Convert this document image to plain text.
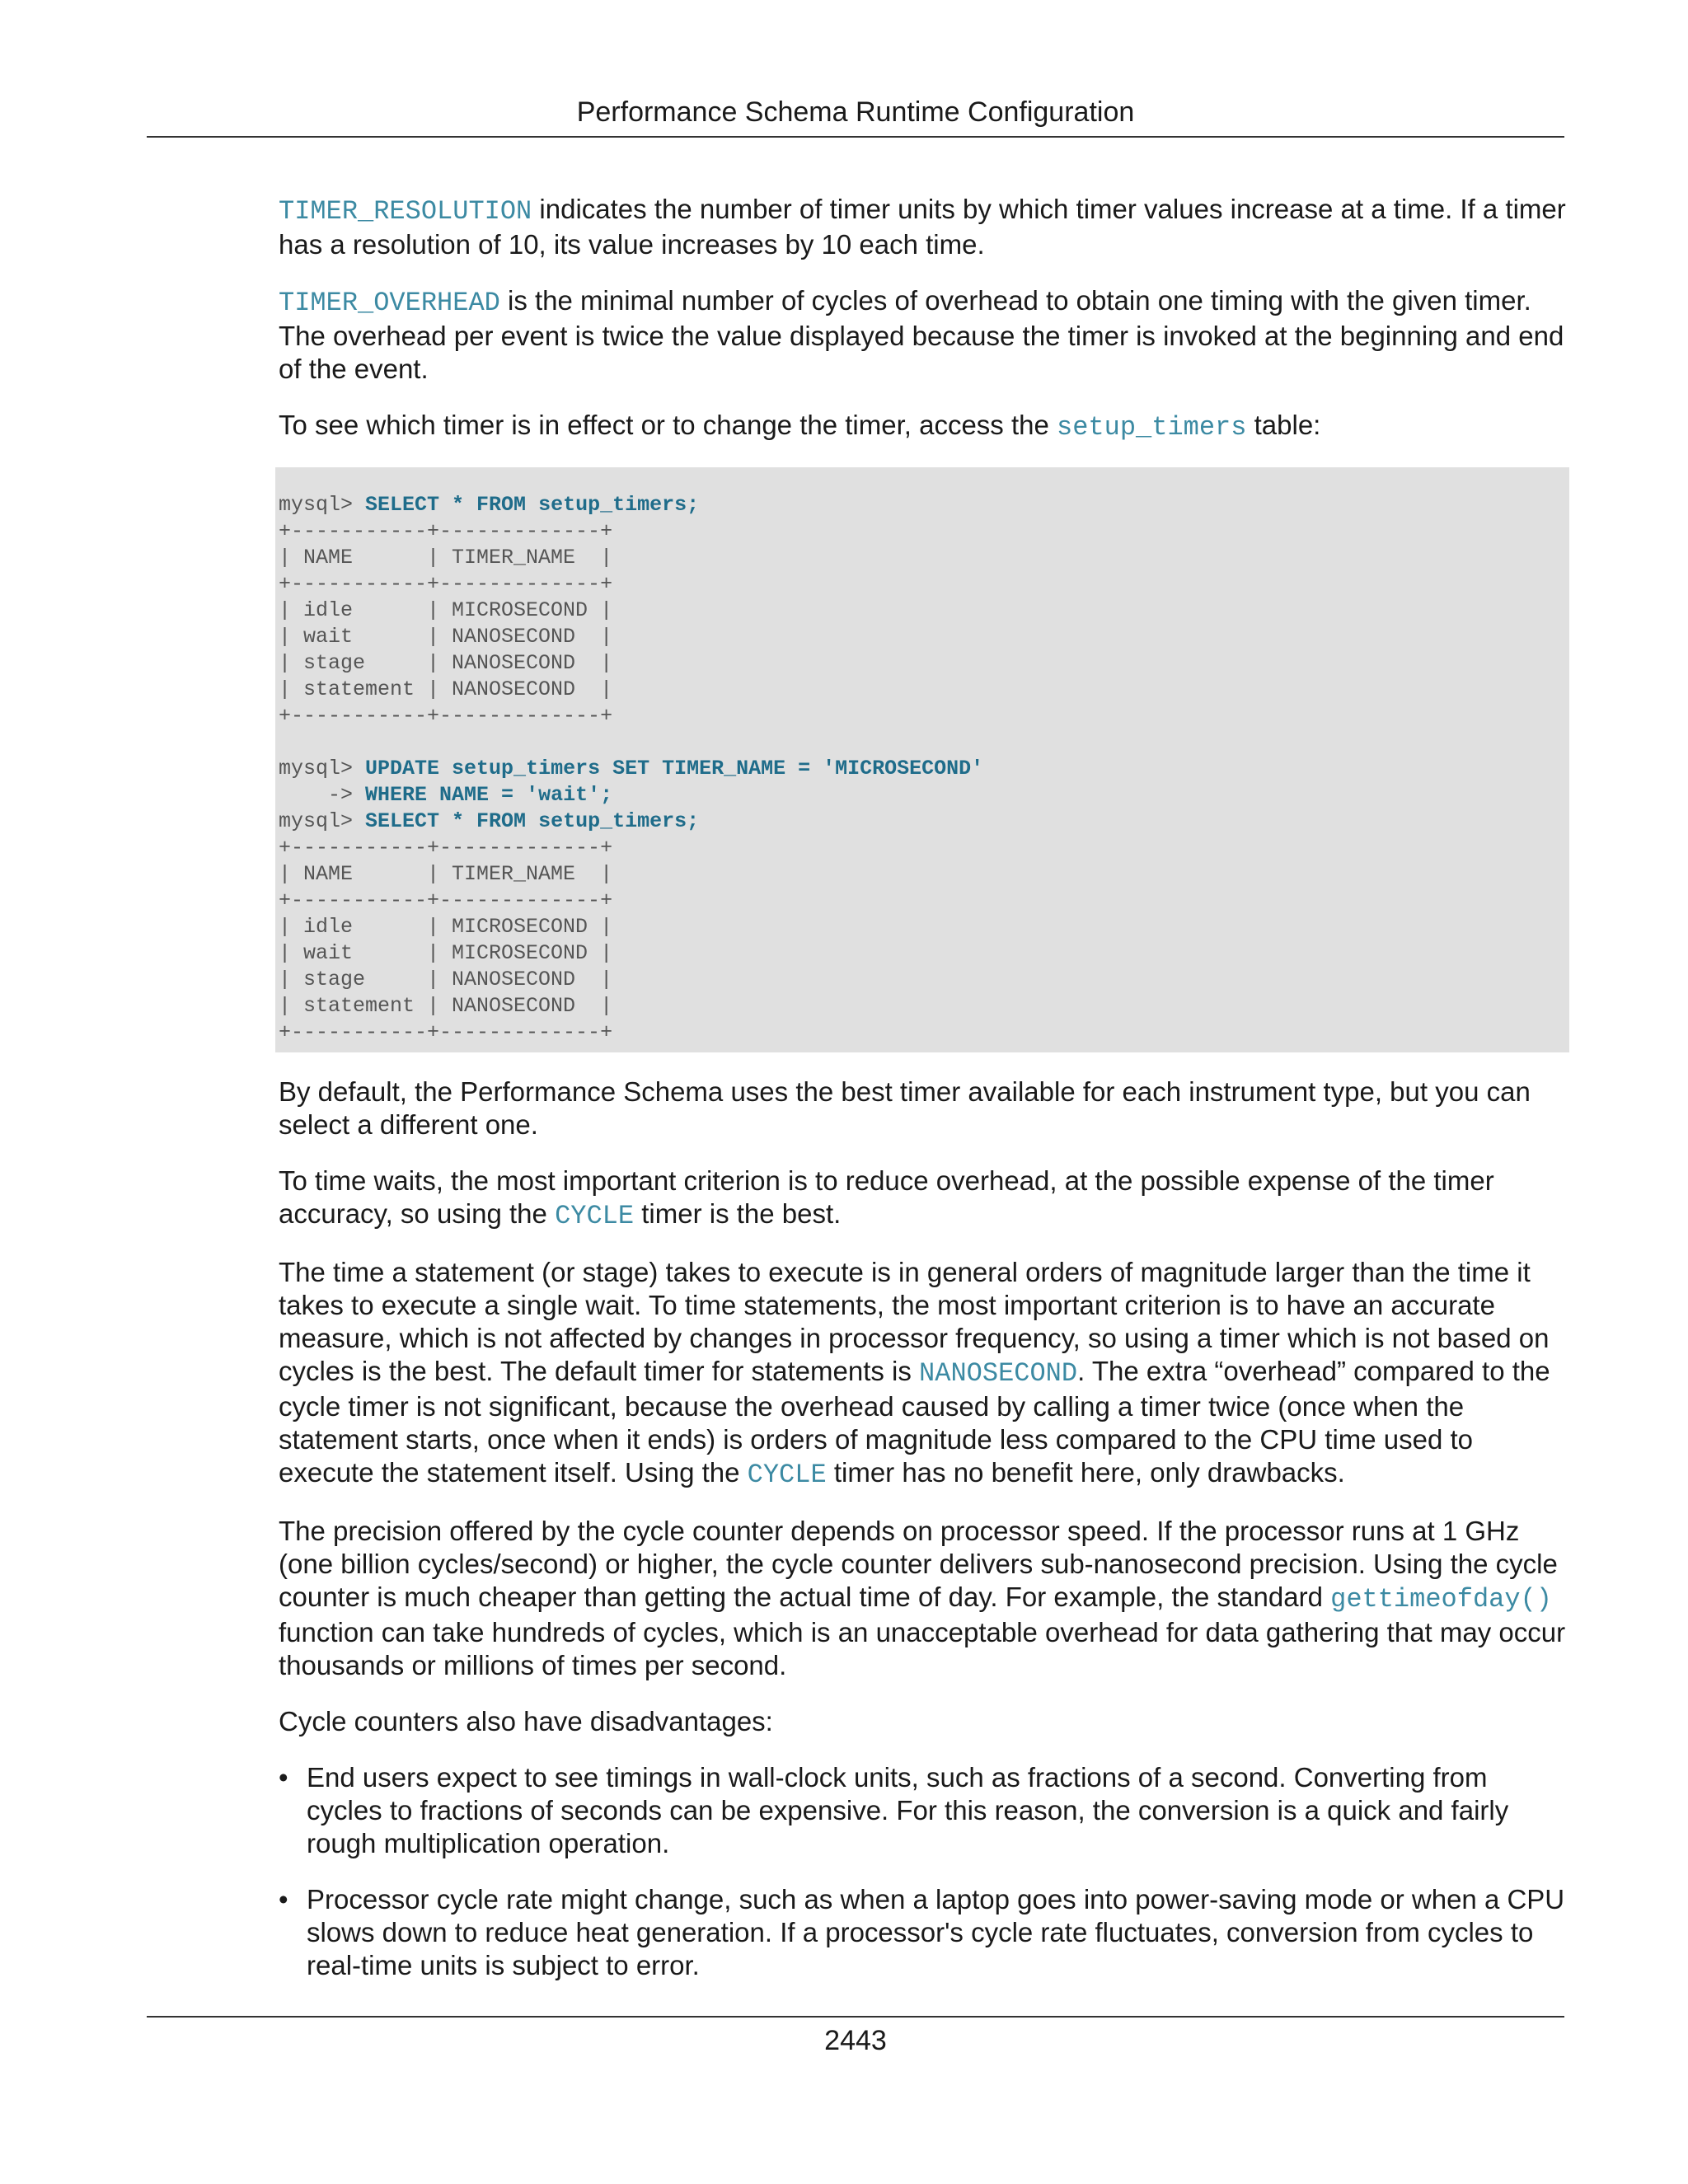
Performance Schema Runtime Configuration

TIMER_RESOLUTION indicates the number of timer units by which timer values increase at a time. If a timer has a resolution of 10, its value increases by 10 each time.

TIMER_OVERHEAD is the minimal number of cycles of overhead to obtain one timing with the given timer. The overhead per event is twice the value displayed because the timer is invoked at the beginning and end of the event.

To see which timer is in effect or to change the timer, access the setup_timers table:

mysql> SELECT * FROM setup_timers;
+-----------+-------------+
| NAME      | TIMER_NAME  |
+-----------+-------------+
| idle      | MICROSECOND |
| wait      | NANOSECOND  |
| stage     | NANOSECOND  |
| statement | NANOSECOND  |
+-----------+-------------+
mysql> UPDATE setup_timers SET TIMER_NAME = 'MICROSECOND'
-> WHERE NAME = 'wait';
mysql> SELECT * FROM setup_timers;
+-----------+-------------+
| NAME      | TIMER_NAME  |
+-----------+-------------+
| idle      | MICROSECOND |
| wait      | MICROSECOND |
| stage     | NANOSECOND  |
| statement | NANOSECOND  |
+-----------+-------------+

By default, the Performance Schema uses the best timer available for each instrument type, but you can select a different one.

To time waits, the most important criterion is to reduce overhead, at the possible expense of the timer accuracy, so using the CYCLE timer is the best.

The time a statement (or stage) takes to execute is in general orders of magnitude larger than the time it takes to execute a single wait. To time statements, the most important criterion is to have an accurate measure, which is not affected by changes in processor frequency, so using a timer which is not based on cycles is the best. The default timer for statements is NANOSECOND. The extra “overhead” compared to the cycle timer is not significant, because the overhead caused by calling a timer twice (once when the statement starts, once when it ends) is orders of magnitude less compared to the CPU time used to execute the statement itself. Using the CYCLE timer has no benefit here, only drawbacks.

The precision offered by the cycle counter depends on processor speed. If the processor runs at 1 GHz (one billion cycles/second) or higher, the cycle counter delivers sub-nanosecond precision. Using the cycle counter is much cheaper than getting the actual time of day. For example, the standard gettimeofday() function can take hundreds of cycles, which is an unacceptable overhead for data gathering that may occur thousands or millions of times per second.

Cycle counters also have disadvantages:

• End users expect to see timings in wall-clock units, such as fractions of a second. Converting from cycles to fractions of seconds can be expensive. For this reason, the conversion is a quick and fairly rough multiplication operation.
• Processor cycle rate might change, such as when a laptop goes into power-saving mode or when a CPU slows down to reduce heat generation. If a processor's cycle rate fluctuates, conversion from cycles to real-time units is subject to error.
2443
